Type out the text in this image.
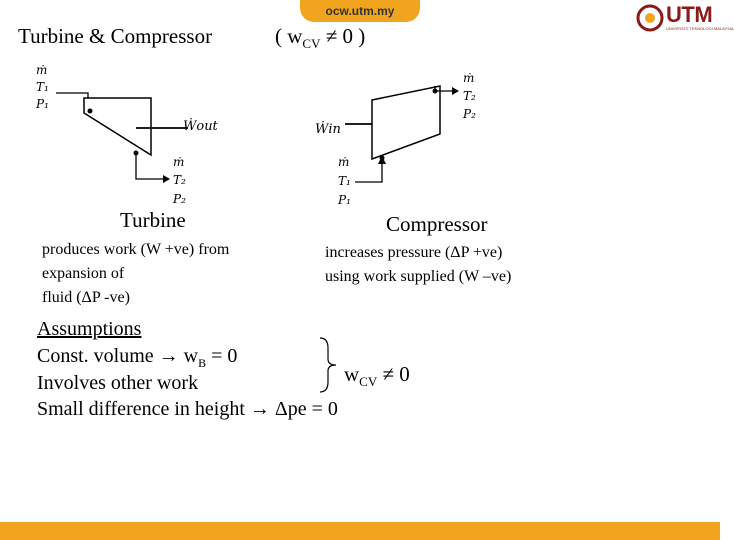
ocw.utm.my	UTM
UNIVERSITI TEKNOLOGI MALAYSIA
Turbine & Compressor	( $w_{CV} \ne 0$ )
ṁ
T₁
P₁
Ẇout
ṁ
T₂
P₂
Ẇin
ṁ
T₂
P₂
ṁ
T₁
P₁
Turbine
produces work (W +ve) from
expansion of
fluid (ΔP -ve)
Compressor
increases pressure (ΔP +ve)
using work supplied (W –ve)
Assumptions
Const. volume → $w_B = 0$
Involves other work
Small difference in height → Δpe = 0
$w_{CV} \ne 0$
